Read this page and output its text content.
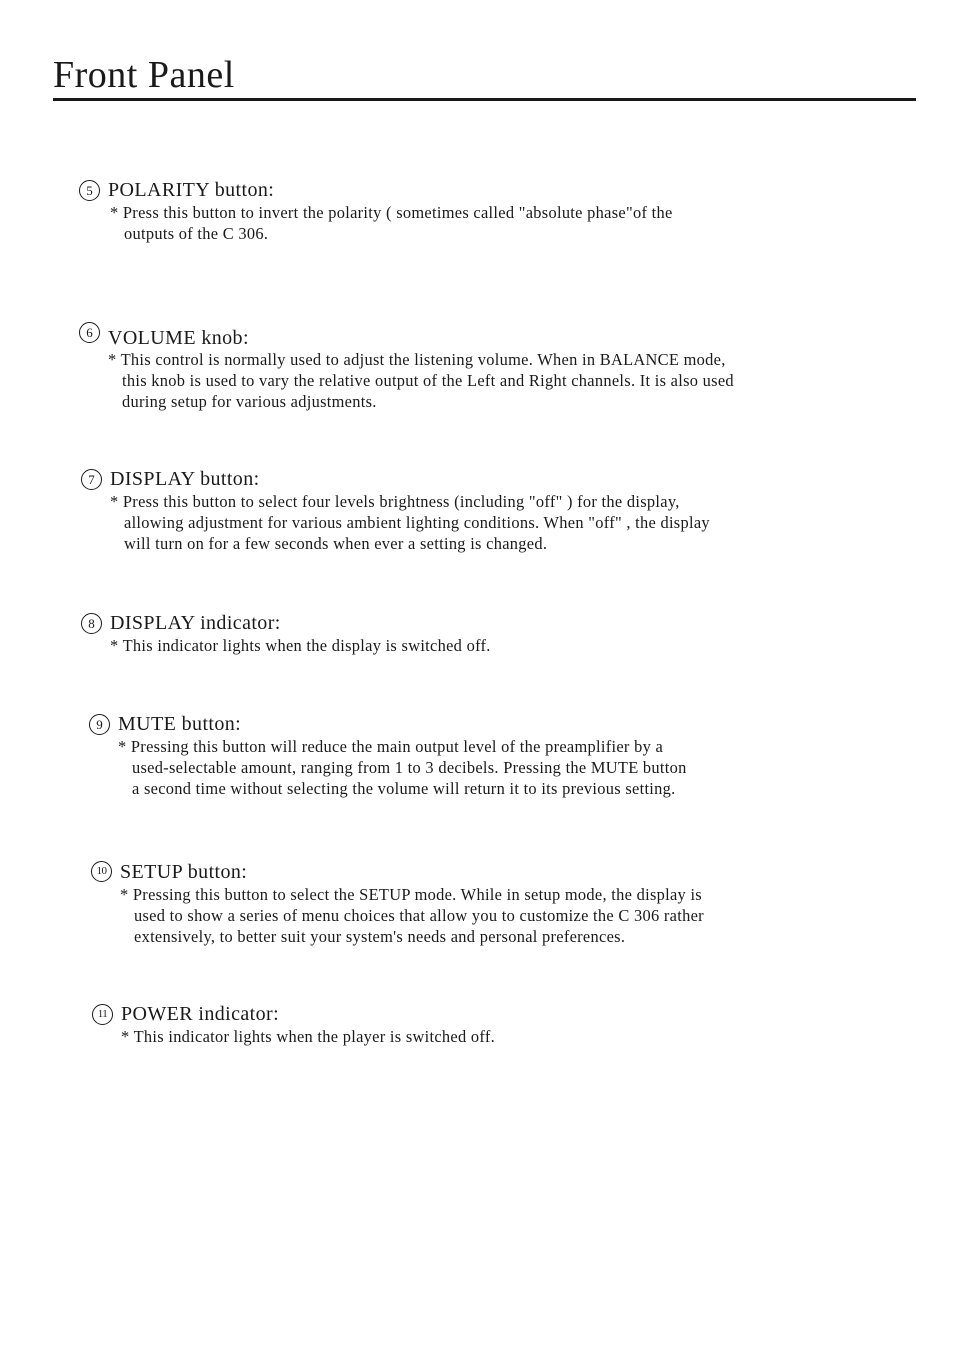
Front Panel
5 POLARITY button:
* Press this button to invert the polarity ( sometimes called "absolute phase"of the
outputs of the C 306.
6 VOLUME knob:
* This control is normally used to adjust the listening volume. When in BALANCE mode,
this knob is used to vary the relative output of the Left and Right channels. It is also used
during setup for various adjustments.
7 DISPLAY button:
* Press this button to select four levels brightness (including "off" ) for the display,
allowing adjustment for various ambient lighting conditions. When "off" , the display
will turn on for a few seconds when ever a setting is changed.
8 DISPLAY indicator:
* This indicator lights when the display is switched off.
9 MUTE button:
* Pressing this button will reduce the main output level of the preamplifier by a
used-selectable amount, ranging from 1 to 3 decibels. Pressing the MUTE button
a second time without selecting the volume will return it to its previous setting.
10 SETUP button:
* Pressing this button to select the SETUP mode. While in setup mode, the display is
used to show a series of menu choices that allow you to customize the C 306 rather
extensively, to better suit your system's needs and personal preferences.
11 POWER indicator:
* This indicator lights when the player is switched off.
